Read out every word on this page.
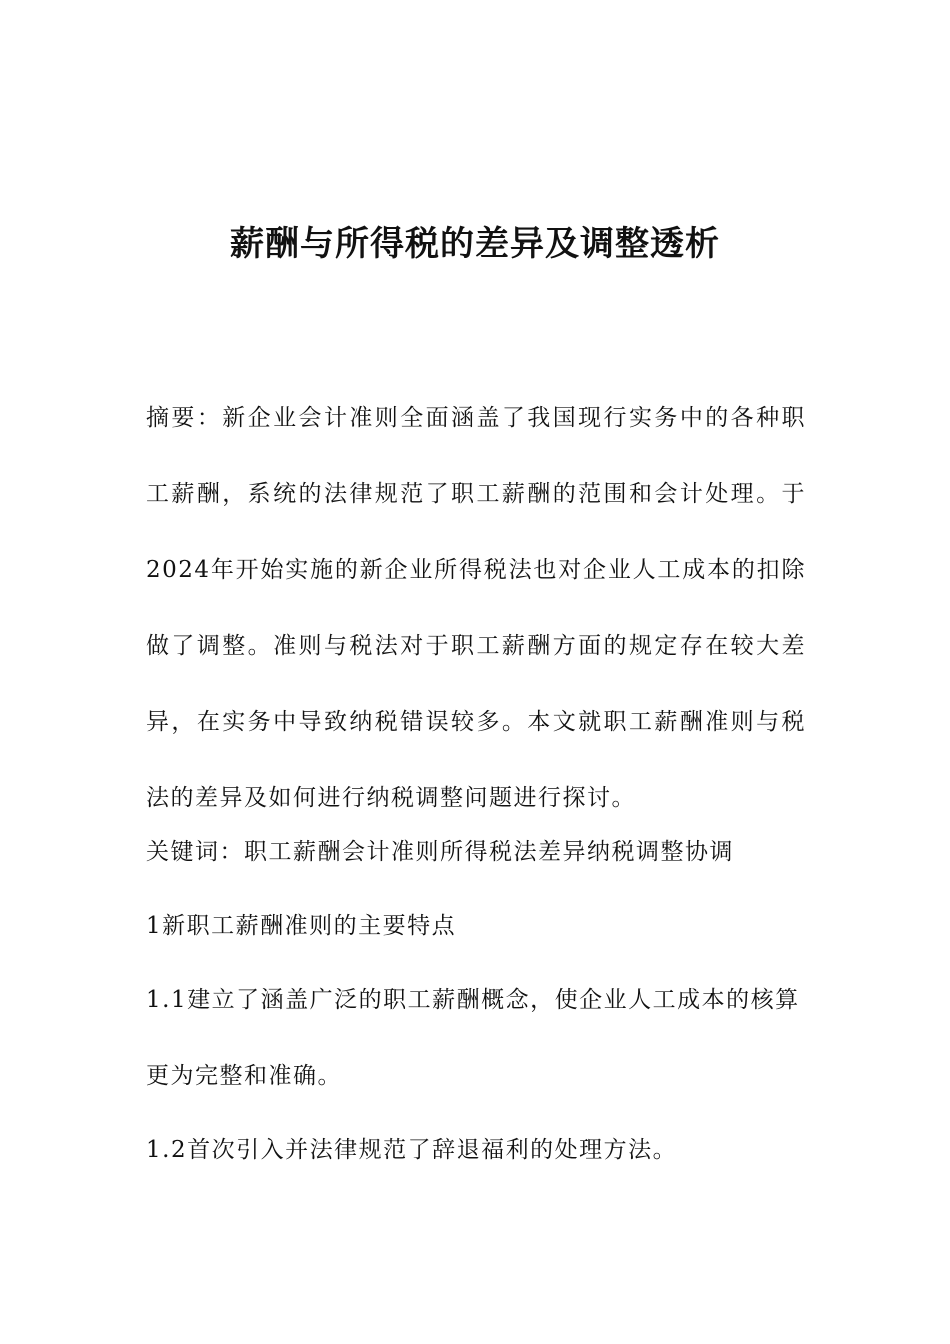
薪酬与所得税的差异及调整透析

摘要：新企业会计准则全面涵盖了我国现行实务中的各种职工薪酬，系统的法律规范了职工薪酬的范围和会计处理。于2024年开始实施的新企业所得税法也对企业人工成本的扣除做了调整。准则与税法对于职工薪酬方面的规定存在较大差异，在实务中导致纳税错误较多。本文就职工薪酬准则与税法的差异及如何进行纳税调整问题进行探讨。

关键词：职工薪酬会计准则所得税法差异纳税调整协调
1新职工薪酬准则的主要特点

1.1建立了涵盖广泛的职工薪酬概念，使企业人工成本的核算更为完整和准确。

1.2首次引入并法律规范了辞退福利的处理方法。
